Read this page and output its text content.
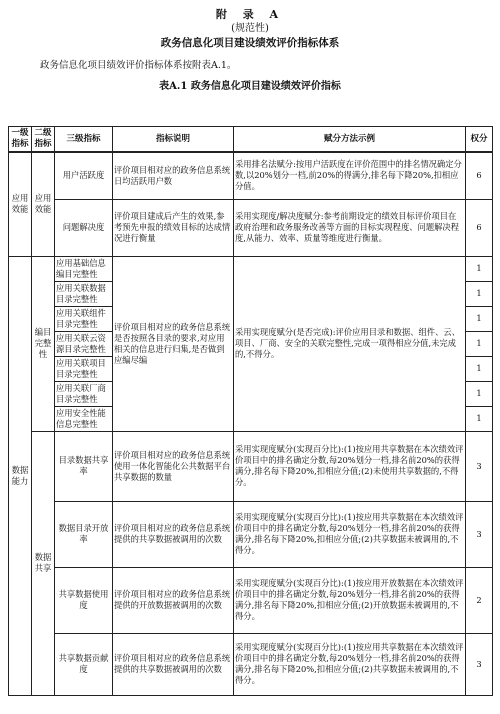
附 录 A
(规范性)
政务信息化项目建设绩效评价指标体系
政务信息化项目绩效评价指标体系按附表A.1。
表A.1 政务信息化项目建设绩效评价指标
一级指标	二级指标	三级指标	指标说明	赋分方法示例	权分
应用效能	应用效能	用户活跃度	评价项目相对应的政务信息系统日均活跃用户数	采用排名法赋分:按用户活跃度在评价范围中的排名情况确定分数,以20%划分一档,前20%的得满分,排名每下降20%,扣相应分值。	6
		问题解决度	评价项目建成后产生的效果,参考预先申报的绩效目标的达成情况进行衡量	采用实现度/解决度赋分:参考前期设定的绩效目标评价项目在政府治理和政务服务改善等方面的目标实现程度、问题解决程度,从能力、效率、质量等维度进行衡量。	6
数据能力	编目完整性	应用基础信息编目完整性	评价项目相对应的政务信息系统是否按照各目录的要求,对应用相关的信息进行归集,是否做到应编尽编	采用实现度赋分(是否完成):评价应用目录和数据、组件、云、项目、厂商、安全的关联完整性,完成一项得相应分值,未完成的,不得分。	1
		应用关联数据目录完整性			1
		应用关联组件目录完整性			1
		应用关联云资源目录完整性			1
		应用关联项目目录完整性			1
		应用关联厂商目录完整性			1
		应用安全性能信息完整性			1
	数据共享	目录数据共享率	评价项目相对应的政务信息系统使用一体化智能化公共数据平台共享数据的数量	采用实现度赋分(实现百分比):(1)按应用共享数据在本次绩效评价项目中的排名确定分数,每20%划分一档,排名前20%的获得满分,排名每下降20%,扣相应分值;(2)未使用共享数据的,不得分。	3
		数据目录开放率	评价项目相对应的政务信息系统提供的共享数据被调用的次数	采用实现度赋分(实现百分比):(1)按应用共享数据在本次绩效评价项目中的排名确定分数,每20%划分一档,排名前20%的获得满分,排名每下降20%,扣相应分值;(2)共享数据未被调用的,不得分。	3
		共享数据使用度	评价项目相对应的政务信息系统提供的开放数据被调用的次数	采用实现度赋分(实现百分比):(1)按应用开放数据在本次绩效评价项目中的排名确定分数,每20%划分一档,排名前20%的获得满分,排名每下降20%,扣相应分值;(2)开放数据未被调用的,不得分。	2
		共享数据贡献度	评价项目相对应的政务信息系统提供的共享数据被调用的次数	采用实现度赋分(实现百分比):(1)按应用共享数据在本次绩效评价项目中的排名确定分数,每20%划分一档,排名前20%的获得满分,排名每下降20%,扣相应分值;(2)共享数据未被调用的,不得分。	3
